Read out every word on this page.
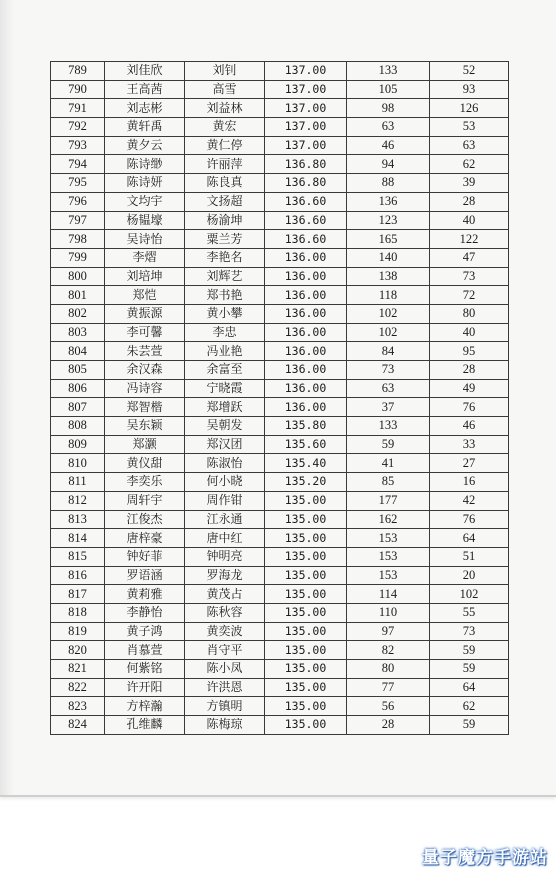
789	刘佳欣	刘钊	137.00	133	52
790	王高茜	高雪	137.00	105	93
791	刘志彬	刘益林	137.00	98	126
792	黄轩禹	黄宏	137.00	63	53
793	黄夕云	黄仁停	137.00	46	63
794	陈诗缈	许丽萍	136.80	94	62
795	陈诗妍	陈良真	136.80	88	39
796	文均宇	文扬超	136.60	136	28
797	杨韫壕	杨渝坤	136.60	123	40
798	吴诗怡	粟兰芳	136.60	165	122
799	李熠	李艳名	136.00	140	47
800	刘培坤	刘辉艺	136.00	138	73
801	郑恺	郑书艳	136.00	118	72
802	黄振源	黄小攀	136.00	102	80
803	李可馨	李忠	136.00	102	40
804	朱芸萱	冯业艳	136.00	84	95
805	余汉森	余富至	136.00	73	28
806	冯诗容	宁晓霞	136.00	63	49
807	郑智楷	郑增跃	136.00	37	76
808	吴东颖	吴朝发	135.80	133	46
809	郑灏	郑汉团	135.60	59	33
810	黄仪甜	陈淑怡	135.40	41	27
811	李奕乐	何小晓	135.20	85	16
812	周轩宇	周作钳	135.00	177	42
813	江俊杰	江永通	135.00	162	76
814	唐梓豪	唐中红	135.00	153	64
815	钟好菲	钟明亮	135.00	153	51
816	罗语涵	罗海龙	135.00	153	20
817	黄莉雅	黄茂占	135.00	114	102
818	李静怡	陈秋容	135.00	110	55
819	黄子鸿	黄奕波	135.00	97	73
820	肖慕萱	肖守平	135.00	82	59
821	何紫铭	陈小凤	135.00	80	59
822	许开阳	许洪恩	135.00	77	64
823	方梓瀚	方镇明	135.00	56	62
824	孔维麟	陈梅琼	135.00	28	59
量子魔方手游站
